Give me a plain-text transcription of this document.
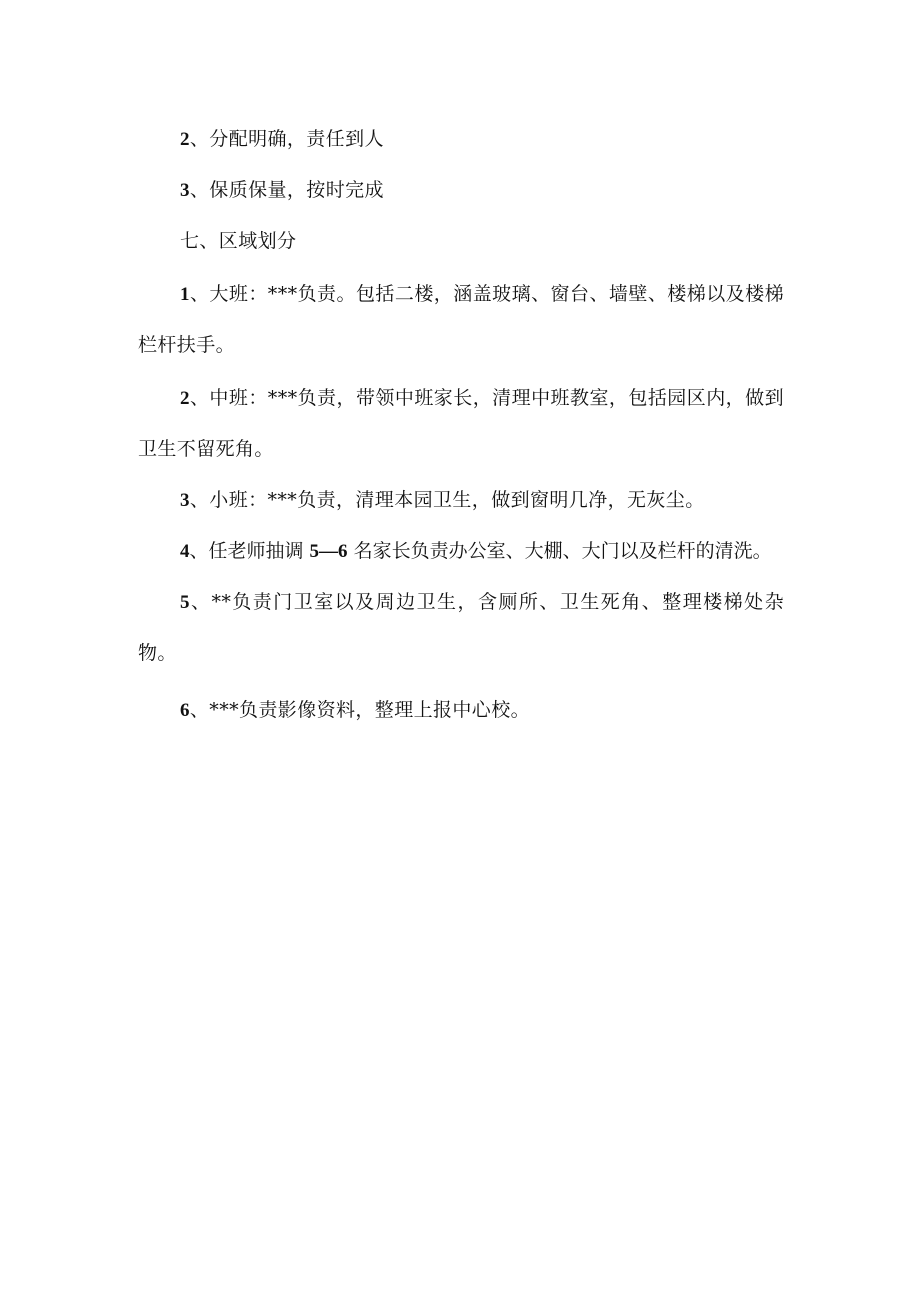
2、分配明确，责任到人

3、保质保量，按时完成

七、区域划分

1、大班：***负责。包括二楼，涵盖玻璃、窗台、墙壁、楼梯以及楼梯栏杆扶手。

2、中班：***负责，带领中班家长，清理中班教室，包括园区内，做到卫生不留死角。

3、小班：***负责，清理本园卫生，做到窗明几净，无灰尘。

4、任老师抽调 5—6 名家长负责办公室、大棚、大门以及栏杆的清洗。

5、**负责门卫室以及周边卫生，含厕所、卫生死角、整理楼梯处杂物。

6、***负责影像资料，整理上报中心校。
